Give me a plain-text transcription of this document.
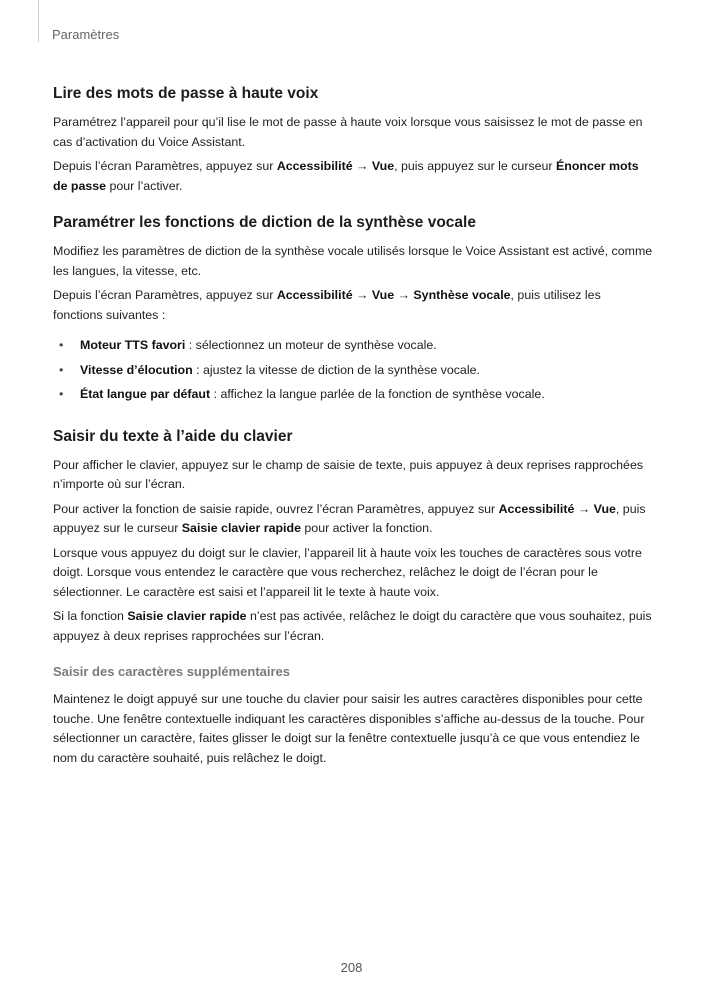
Paramètres
Lire des mots de passe à haute voix

Paramétrez l’appareil pour qu’il lise le mot de passe à haute voix lorsque vous saisissez le mot de passe en cas d’activation du Voice Assistant.

Depuis l’écran Paramètres, appuyez sur Accessibilité → Vue, puis appuyez sur le curseur Énoncer mots de passe pour l’activer.

Paramétrer les fonctions de diction de la synthèse vocale

Modifiez les paramètres de diction de la synthèse vocale utilisés lorsque le Voice Assistant est activé, comme les langues, la vitesse, etc.

Depuis l’écran Paramètres, appuyez sur Accessibilité → Vue → Synthèse vocale, puis utilisez les fonctions suivantes :

• Moteur TTS favori : sélectionnez un moteur de synthèse vocale.
• Vitesse d’élocution : ajustez la vitesse de diction de la synthèse vocale.
• État langue par défaut : affichez la langue parlée de la fonction de synthèse vocale.
Saisir du texte à l’aide du clavier

Pour afficher le clavier, appuyez sur le champ de saisie de texte, puis appuyez à deux reprises rapprochées n’importe où sur l’écran.

Pour activer la fonction de saisie rapide, ouvrez l’écran Paramètres, appuyez sur Accessibilité → Vue, puis appuyez sur le curseur Saisie clavier rapide pour activer la fonction.

Lorsque vous appuyez du doigt sur le clavier, l’appareil lit à haute voix les touches de caractères sous votre doigt. Lorsque vous entendez le caractère que vous recherchez, relâchez le doigt de l’écran pour le sélectionner. Le caractère est saisi et l’appareil lit le texte à haute voix.

Si la fonction Saisie clavier rapide n’est pas activée, relâchez le doigt du caractère que vous souhaitez, puis appuyez à deux reprises rapprochées sur l’écran.

Saisir des caractères supplémentaires

Maintenez le doigt appuyé sur une touche du clavier pour saisir les autres caractères disponibles pour cette touche. Une fenêtre contextuelle indiquant les caractères disponibles s’affiche au-dessus de la touche. Pour sélectionner un caractère, faites glisser le doigt sur la fenêtre contextuelle jusqu’à ce que vous entendiez le nom du caractère souhaité, puis relâchez le doigt.

208
